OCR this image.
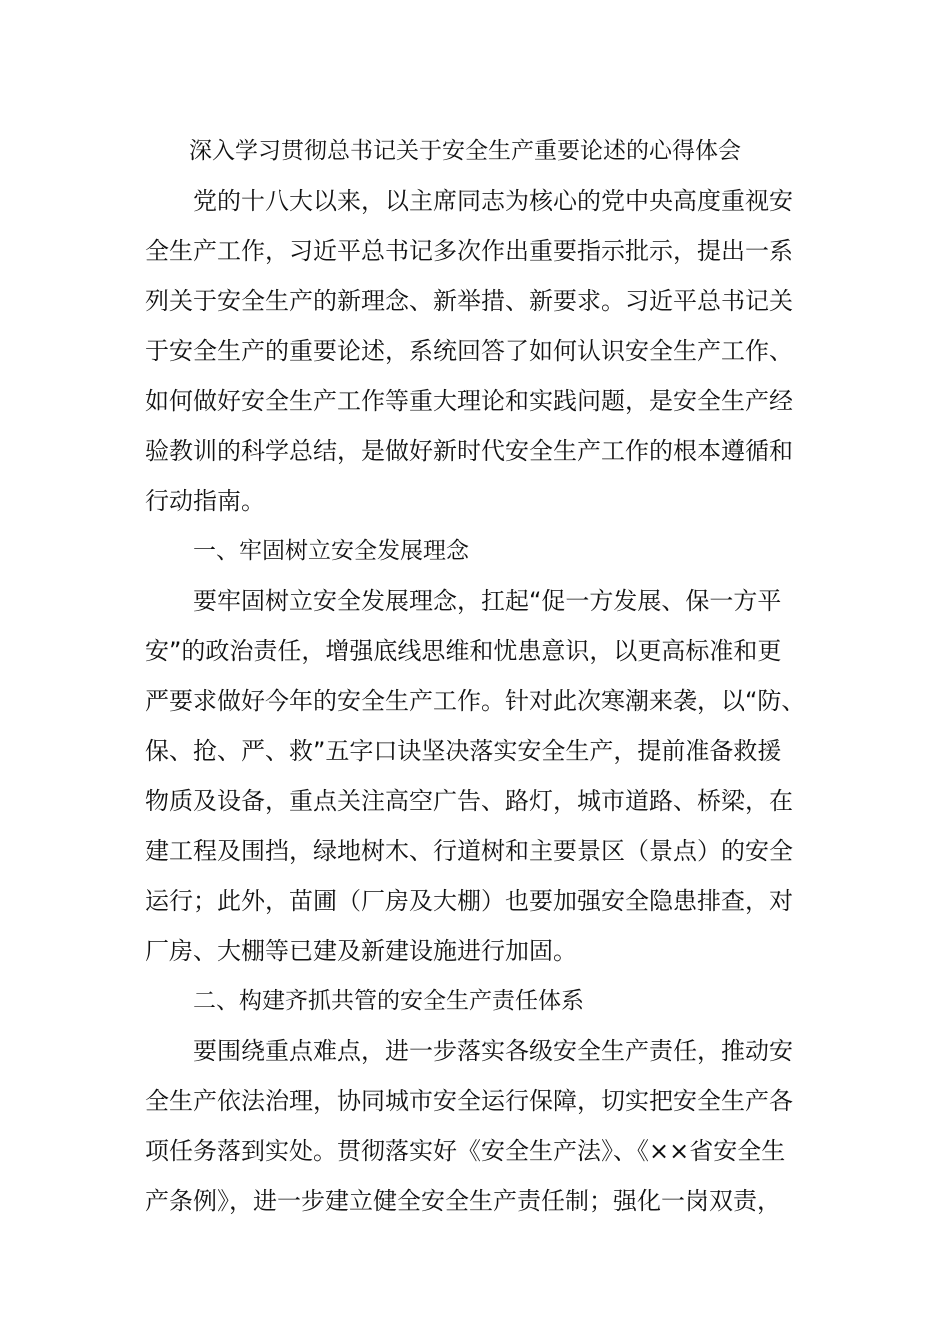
深入学习贯彻总书记关于安全生产重要论述的心得体会

党的十八大以来，以主席同志为核心的党中央高度重视安
全生产工作，习近平总书记多次作出重要指示批示，提出一系
列关于安全生产的新理念、新举措、新要求。习近平总书记关
于安全生产的重要论述，系统回答了如何认识安全生产工作、
如何做好安全生产工作等重大理论和实践问题，是安全生产经
验教训的科学总结，是做好新时代安全生产工作的根本遵循和
行动指南。

一、牢固树立安全发展理念

要牢固树立安全发展理念，扛起“促一方发展、保一方平
安”的政治责任，增强底线思维和忧患意识，以更高标准和更
严要求做好今年的安全生产工作。针对此次寒潮来袭，以“防、
保、抢、严、救”五字口诀坚决落实安全生产，提前准备救援
物质及设备，重点关注高空广告、路灯，城市道路、桥梁，在
建工程及围挡，绿地树木、行道树和主要景区（景点）的安全
运行；此外，苗圃（厂房及大棚）也要加强安全隐患排查，对
厂房、大棚等已建及新建设施进行加固。

二、构建齐抓共管的安全生产责任体系

要围绕重点难点，进一步落实各级安全生产责任，推动安
全生产依法治理，协同城市安全运行保障，切实把安全生产各
项任务落到实处。贯彻落实好《安全生产法》、《××省安全生
产条例》，进一步建立健全安全生产责任制；强化一岗双责，
